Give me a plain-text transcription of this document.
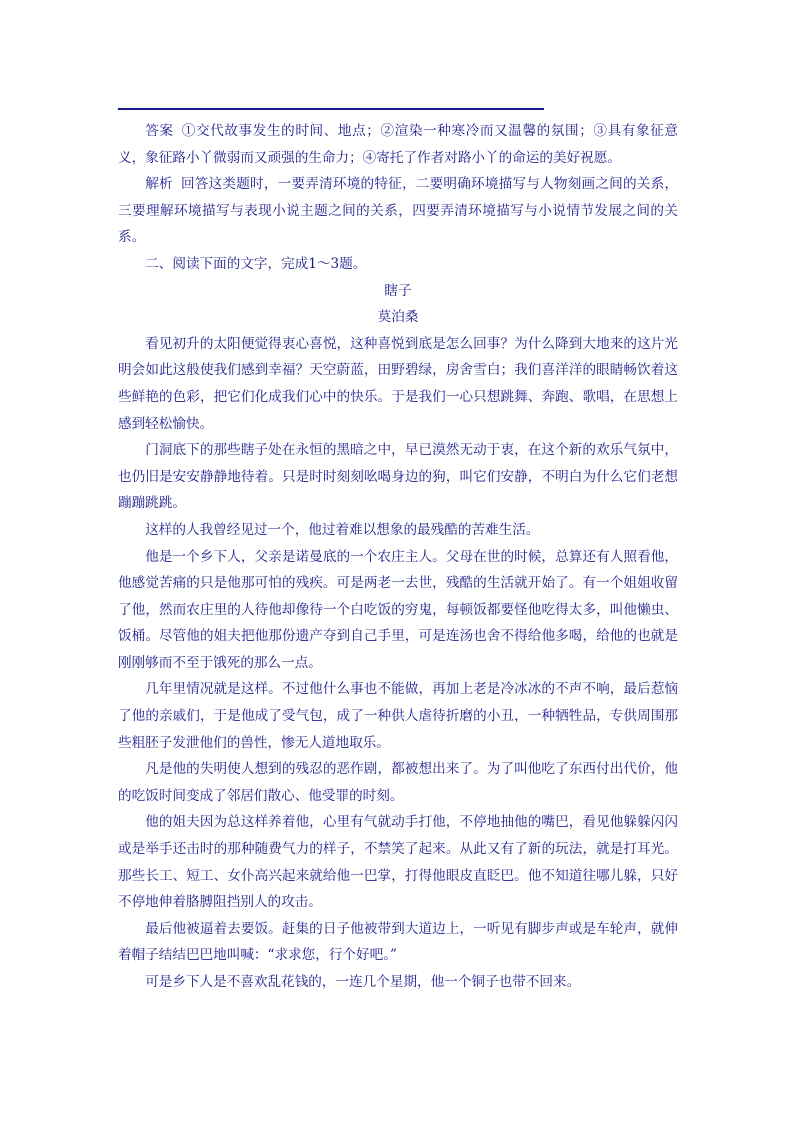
答案 ①交代故事发生的时间、地点；②渲染一种寒冷而又温馨的氛围；③具有象征意义，象征路小丫微弱而又顽强的生命力；④寄托了作者对路小丫的命运的美好祝愿。

解析 回答这类题时，一要弄清环境的特征，二要明确环境描写与人物刻画之间的关系，三要理解环境描写与表现小说主题之间的关系，四要弄清环境描写与小说情节发展之间的关系。

二、阅读下面的文字，完成1～3题。

瞎子

莫泊桑

看见初升的太阳便觉得衷心喜悦，这种喜悦到底是怎么回事？为什么降到大地来的这片光明会如此这般使我们感到幸福？天空蔚蓝，田野碧绿，房舍雪白；我们喜洋洋的眼睛畅饮着这些鲜艳的色彩，把它们化成我们心中的快乐。于是我们一心只想跳舞、奔跑、歌唱，在思想上感到轻松愉快。

门洞底下的那些瞎子处在永恒的黑暗之中，早已漠然无动于衷，在这个新的欢乐气氛中，也仍旧是安安静静地待着。只是时时刻刻吆喝身边的狗，叫它们安静，不明白为什么它们老想蹦蹦跳跳。

这样的人我曾经见过一个，他过着难以想象的最残酷的苦难生活。

他是一个乡下人，父亲是诺曼底的一个农庄主人。父母在世的时候，总算还有人照看他，他感觉苦痛的只是他那可怕的残疾。可是两老一去世，残酷的生活就开始了。有一个姐姐收留了他，然而农庄里的人待他却像待一个白吃饭的穷鬼，每顿饭都要怪他吃得太多，叫他懒虫、饭桶。尽管他的姐夫把他那份遗产夺到自己手里，可是连汤也舍不得给他多喝，给他的也就是刚刚够而不至于饿死的那么一点。

几年里情况就是这样。不过他什么事也不能做，再加上老是冷冰冰的不声不响，最后惹恼了他的亲戚们，于是他成了受气包，成了一种供人虐待折磨的小丑，一种牺牲品，专供周围那些粗胚子发泄他们的兽性，惨无人道地取乐。

凡是他的失明使人想到的残忍的恶作剧，都被想出来了。为了叫他吃了东西付出代价，他的吃饭时间变成了邻居们散心、他受罪的时刻。

他的姐夫因为总这样养着他，心里有气就动手打他，不停地抽他的嘴巴，看见他躲躲闪闪或是举手还击时的那种随费气力的样子，不禁笑了起来。从此又有了新的玩法，就是打耳光。那些长工、短工、女仆高兴起来就给他一巴掌，打得他眼皮直眨巴。他不知道往哪儿躲，只好不停地伸着胳膊阻挡别人的攻击。

最后他被逼着去要饭。赶集的日子他被带到大道边上，一听见有脚步声或是车轮声，就伸着帽子结结巴巴地叫喊：“求求您，行个好吧。”

可是乡下人是不喜欢乱花钱的，一连几个星期，他一个铜子也带不回来。
